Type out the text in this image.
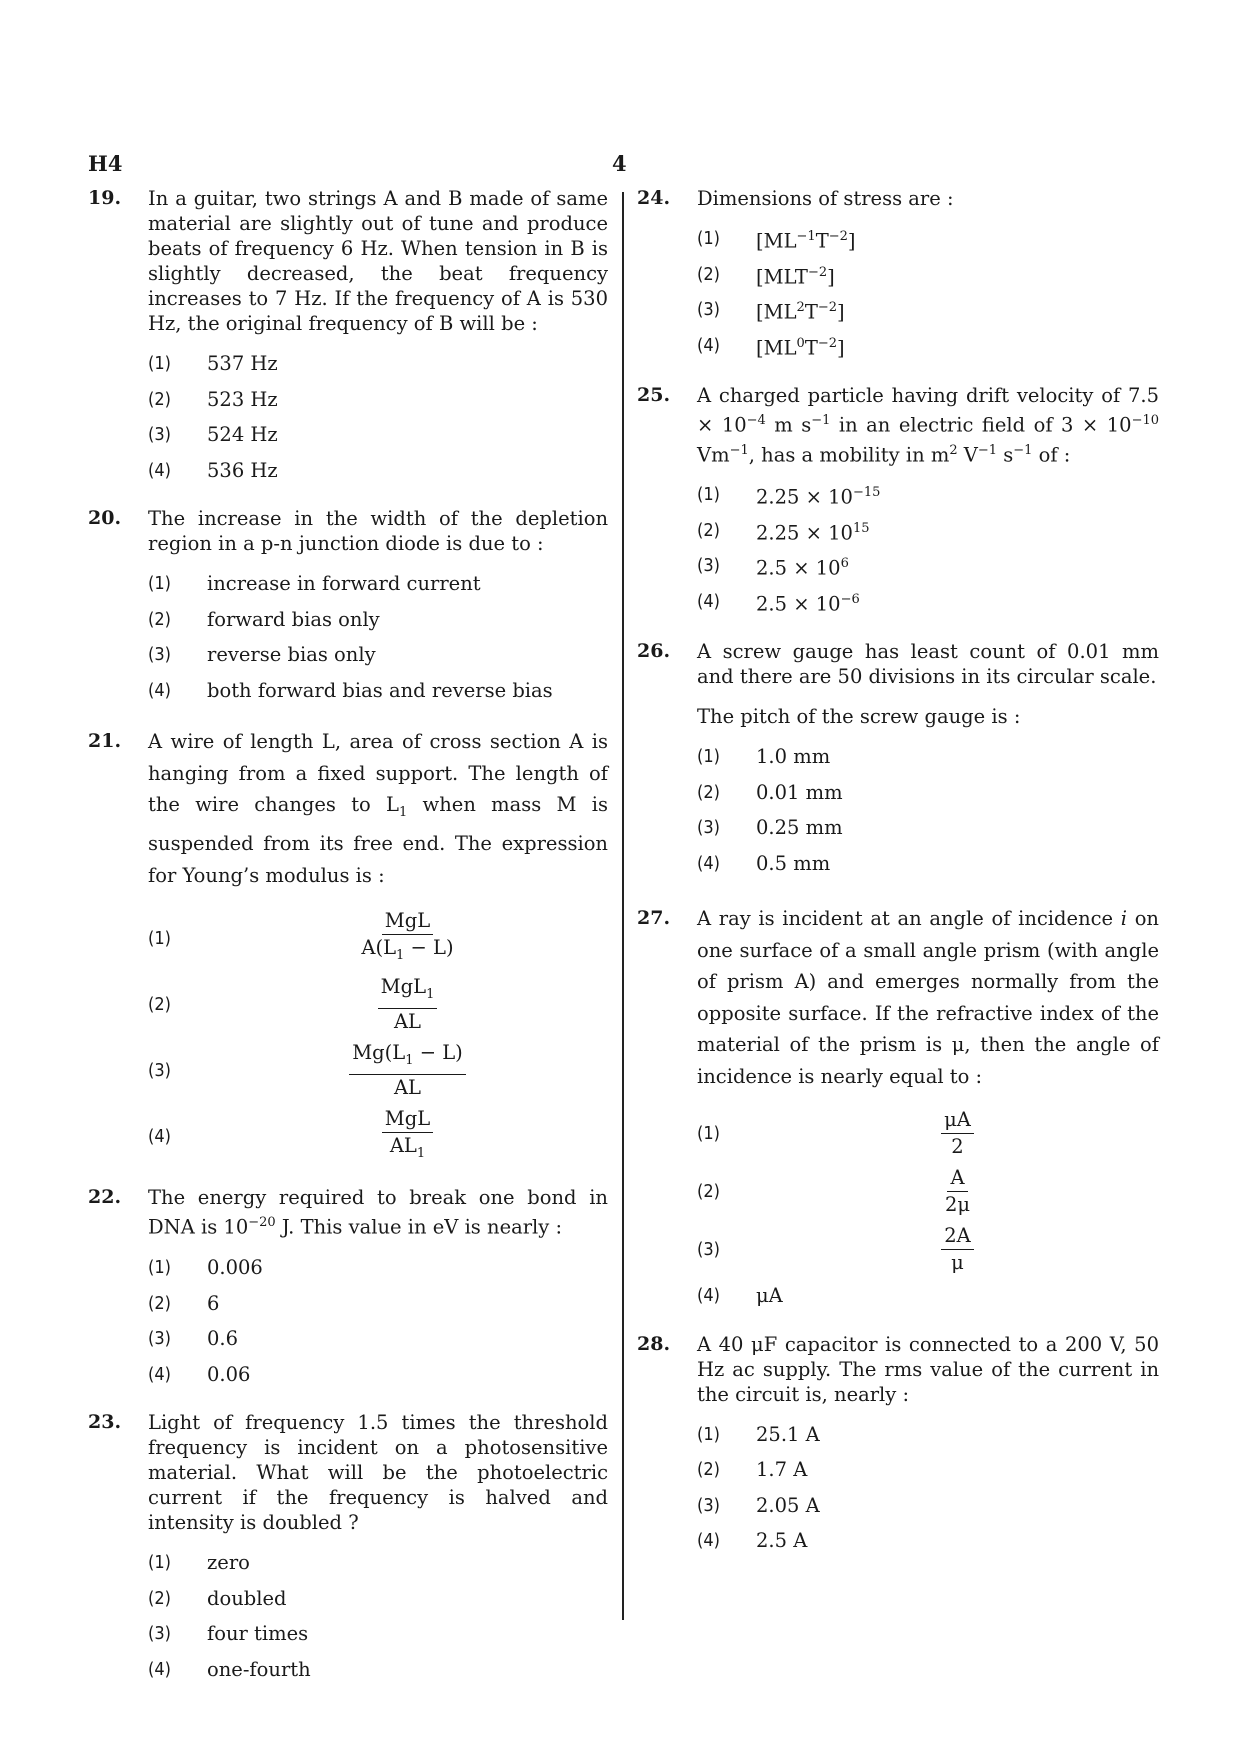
H4	4
19.	In a guitar, two strings A and B made of same material are slightly out of tune and produce beats of frequency 6 Hz. When tension in B is slightly decreased, the beat frequency increases to 7 Hz. If the frequency of A is 530 Hz, the original frequency of B will be :

(1)	537 Hz
(2)	523 Hz
(3)	524 Hz
(4)	536 Hz
20.	The increase in the width of the depletion region in a p-n junction diode is due to :

(1)	increase in forward current
(2)	forward bias only
(3)	reverse bias only
(4)	both forward bias and reverse bias
21.	A wire of length L, area of cross section A is hanging from a fixed support. The length of the wire changes to $L_1$ when mass M is suspended from its free end. The expression for Young’s modulus is :

(1)	$\frac{\text{MgL}}{A(L_1 - L)}$
(2)	$\frac{MgL_1}{AL}$
(3)	$\frac{Mg(L_1 - L)}{AL}$
(4)	$\frac{\text{MgL}}{AL_1}$
22.	The energy required to break one bond in DNA is $10^{-20}$ J. This value in eV is nearly :

(1)	0.006
(2)	6
(3)	0.6
(4)	0.06
23.	Light of frequency 1.5 times the threshold frequency is incident on a photosensitive material. What will be the photoelectric current if the frequency is halved and intensity is doubled ?

(1)	zero
(2)	doubled
(3)	four times
(4)	one-fourth
24.	Dimensions of stress are :

(1)	$[ML^{-1}T^{-2}]$
(2)	$[MLT^{-2}]$
(3)	$[ML^2T^{-2}]$
(4)	$[ML^0T^{-2}]$
25.	A charged particle having drift velocity of $7.5 \times 10^{-4}$ m $s^{-1}$ in an electric field of $3 \times 10^{-10}$ $Vm^{-1}$, has a mobility in $m^2$ $V^{-1}$ $s^{-1}$ of :

(1)	$2.25 \times 10^{-15}$
(2)	$2.25 \times 10^{15}$
(3)	$2.5 \times 10^6$
(4)	$2.5 \times 10^{-6}$
26.	A screw gauge has least count of 0.01 mm and there are 50 divisions in its circular scale.

The pitch of the screw gauge is :

(1)	1.0 mm
(2)	0.01 mm
(3)	0.25 mm
(4)	0.5 mm
27.	A ray is incident at an angle of incidence i on one surface of a small angle prism (with angle of prism A) and emerges normally from the opposite surface. If the refractive index of the material of the prism is μ, then the angle of incidence is nearly equal to :

(1)	$\frac{\mu A}{2}$
(2)	$\frac{A}{2\mu}$
(3)	$\frac{2A}{\mu}$
(4)	μA
28.	A 40 μF capacitor is connected to a 200 V, 50 Hz ac supply. The rms value of the current in the circuit is, nearly :

(1)	25.1 A
(2)	1.7 A
(3)	2.05 A
(4)	2.5 A
